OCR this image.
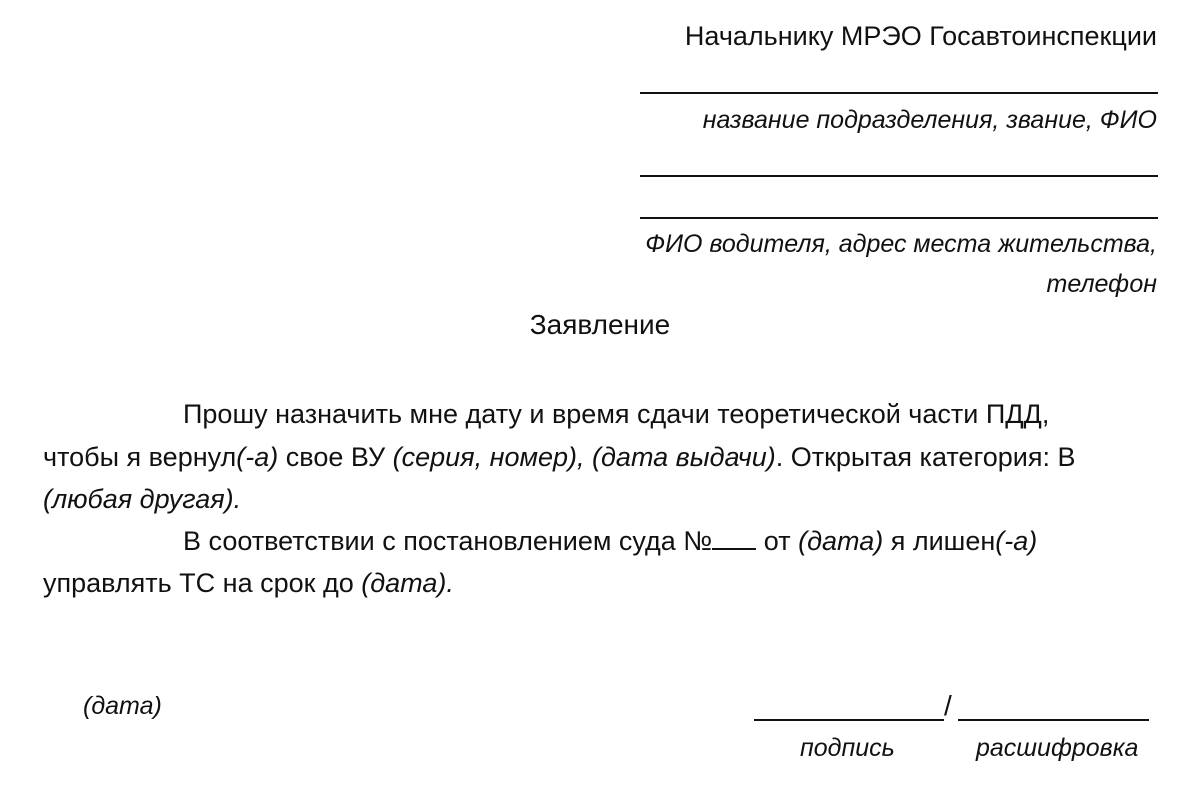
Начальнику МРЭО Госавтоинспекции
название подразделения, звание, ФИО
ФИО водителя, адрес места жительства,
телефон
Заявление
Прошу назначить мне дату и время сдачи теоретической части ПДД,
чтобы я вернул(-а) свое ВУ (серия, номер), (дата выдачи). Открытая категория: В
(любая другая).
В соответствии с постановлением суда № от (дата) я лишен(-а)
управлять ТС на срок до (дата).
(дата)	/
подпись	расшифровка
